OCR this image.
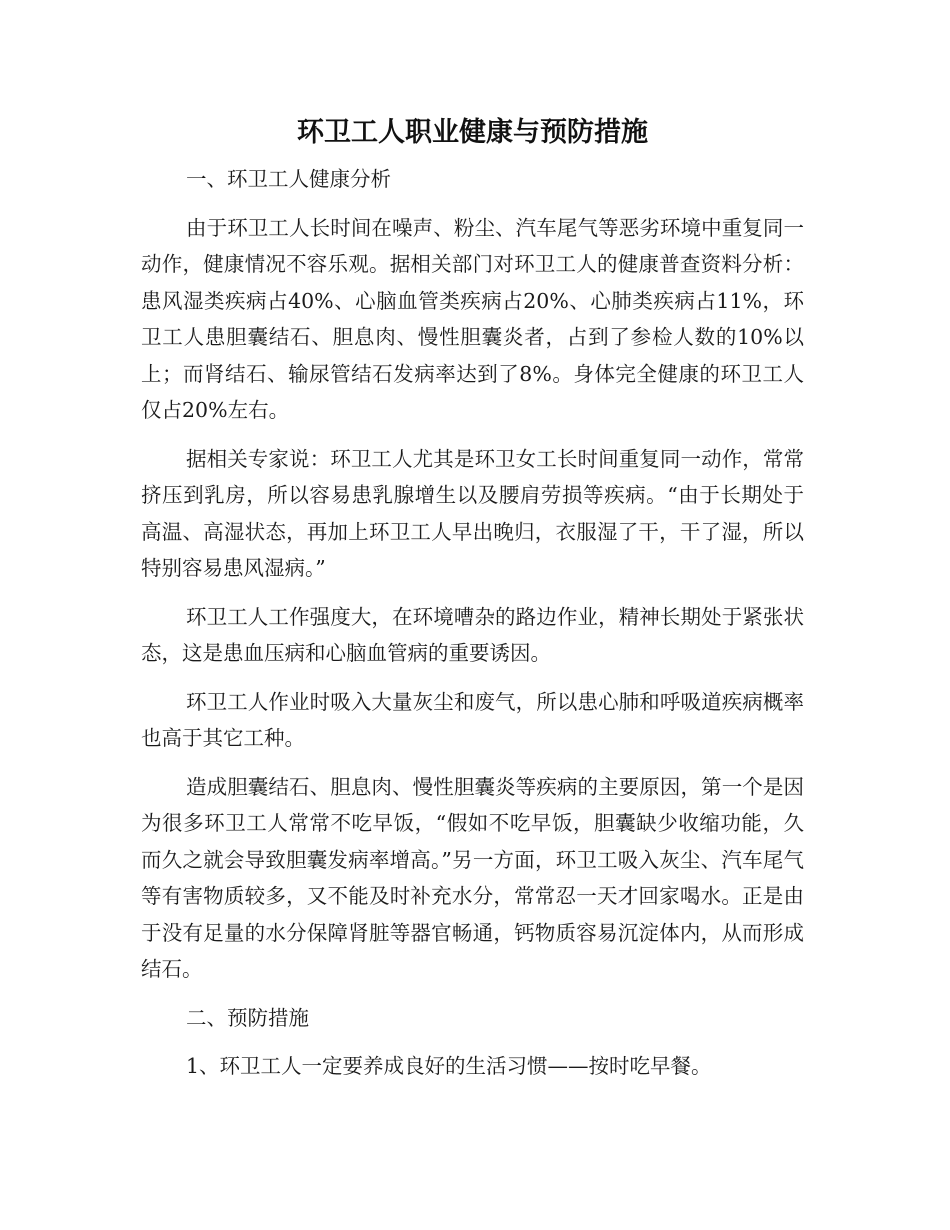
环卫工人职业健康与预防措施

一、环卫工人健康分析

由于环卫工人长时间在噪声、粉尘、汽车尾气等恶劣环境中重复同一动作，健康情况不容乐观。据相关部门对环卫工人的健康普查资料分析：患风湿类疾病占40%、心脑血管类疾病占20%、心肺类疾病占11%，环卫工人患胆囊结石、胆息肉、慢性胆囊炎者，占到了参检人数的10%以上；而肾结石、输尿管结石发病率达到了8%。身体完全健康的环卫工人仅占20%左右。

据相关专家说：环卫工人尤其是环卫女工长时间重复同一动作，常常挤压到乳房，所以容易患乳腺增生以及腰肩劳损等疾病。“由于长期处于高温、高湿状态，再加上环卫工人早出晚归，衣服湿了干，干了湿，所以特别容易患风湿病。”

环卫工人工作强度大，在环境嘈杂的路边作业，精神长期处于紧张状态，这是患血压病和心脑血管病的重要诱因。

环卫工人作业时吸入大量灰尘和废气，所以患心肺和呼吸道疾病概率也高于其它工种。

造成胆囊结石、胆息肉、慢性胆囊炎等疾病的主要原因，第一个是因为很多环卫工人常常不吃早饭，“假如不吃早饭，胆囊缺少收缩功能，久而久之就会导致胆囊发病率增高。”另一方面，环卫工吸入灰尘、汽车尾气等有害物质较多，又不能及时补充水分，常常忍一天才回家喝水。正是由于没有足量的水分保障肾脏等器官畅通，钙物质容易沉淀体内，从而形成结石。

二、预防措施

1、环卫工人一定要养成良好的生活习惯——按时吃早餐。
